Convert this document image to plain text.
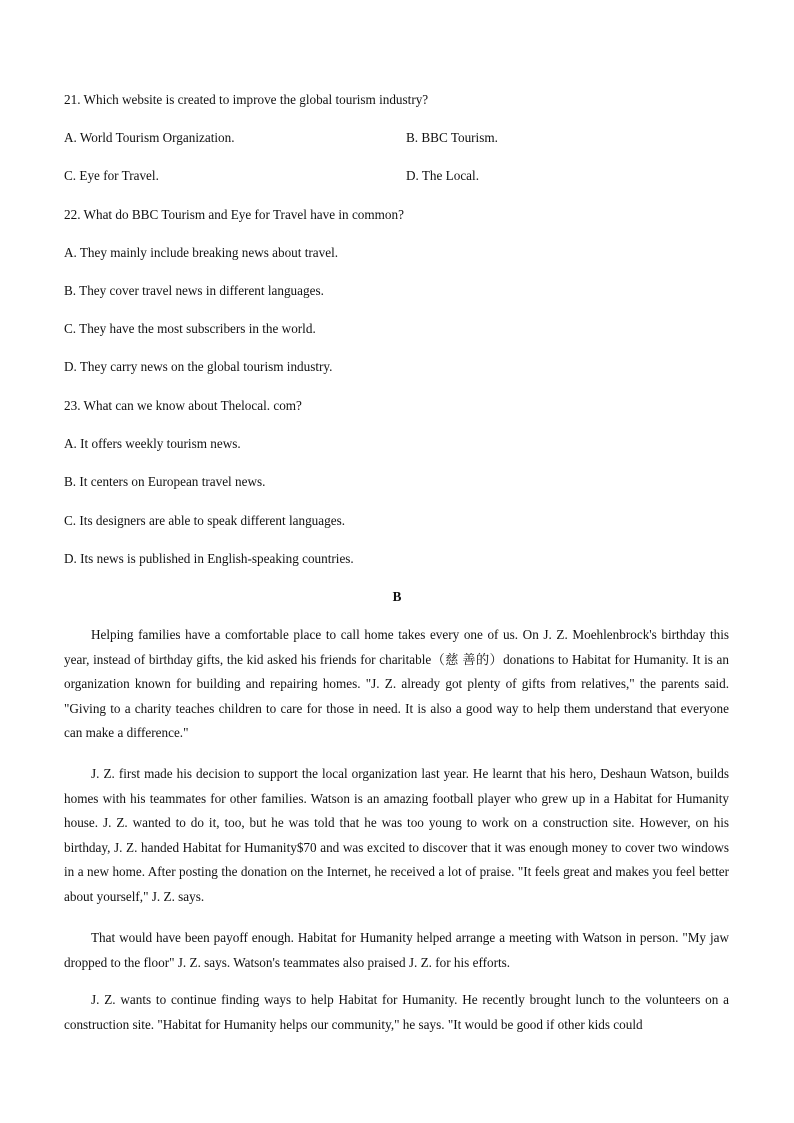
21. Which website is created to improve the global tourism industry?
A. World Tourism Organization.	B. BBC Tourism.
C. Eye for Travel.	D. The Local.
22. What do BBC Tourism and Eye for Travel have in common?
A. They mainly include breaking news about travel.
B. They cover travel news in different languages.
C. They have the most subscribers in the world.
D. They carry news on the global tourism industry.
23. What can we know about Thelocal. com?
A. It offers weekly tourism news.
B. It centers on European travel news.
C. Its designers are able to speak different languages.
D. Its news is published in English-speaking countries.
B

Helping families have a comfortable place to call home takes every one of us. On J. Z. Moehlenbrock's birthday this year, instead of birthday gifts, the kid asked his friends for charitable（慈 善的）donations to Habitat for Humanity. It is an organization known for building and repairing homes. "J. Z. already got plenty of gifts from relatives," the parents said. "Giving to a charity teaches children to care for those in need. It is also a good way to help them understand that everyone can make a difference."

J. Z. first made his decision to support the local organization last year. He learnt that his hero, Deshaun Watson, builds homes with his teammates for other families. Watson is an amazing football player who grew up in a Habitat for Humanity house. J. Z. wanted to do it, too, but he was told that he was too young to work on a construction site. However, on his birthday, J. Z. handed Habitat for Humanity$70 and was excited to discover that it was enough money to cover two windows in a new home. After posting the donation on the Internet, he received a lot of praise. "It feels great and makes you feel better about yourself," J. Z. says.

That would have been payoff enough. Habitat for Humanity helped arrange a meeting with Watson in person. "My jaw dropped to the floor" J. Z. says. Watson's teammates also praised J. Z. for his efforts.

J. Z. wants to continue finding ways to help Habitat for Humanity. He recently brought lunch to the volunteers on a construction site. "Habitat for Humanity helps our community," he says. "It would be good if other kids could
